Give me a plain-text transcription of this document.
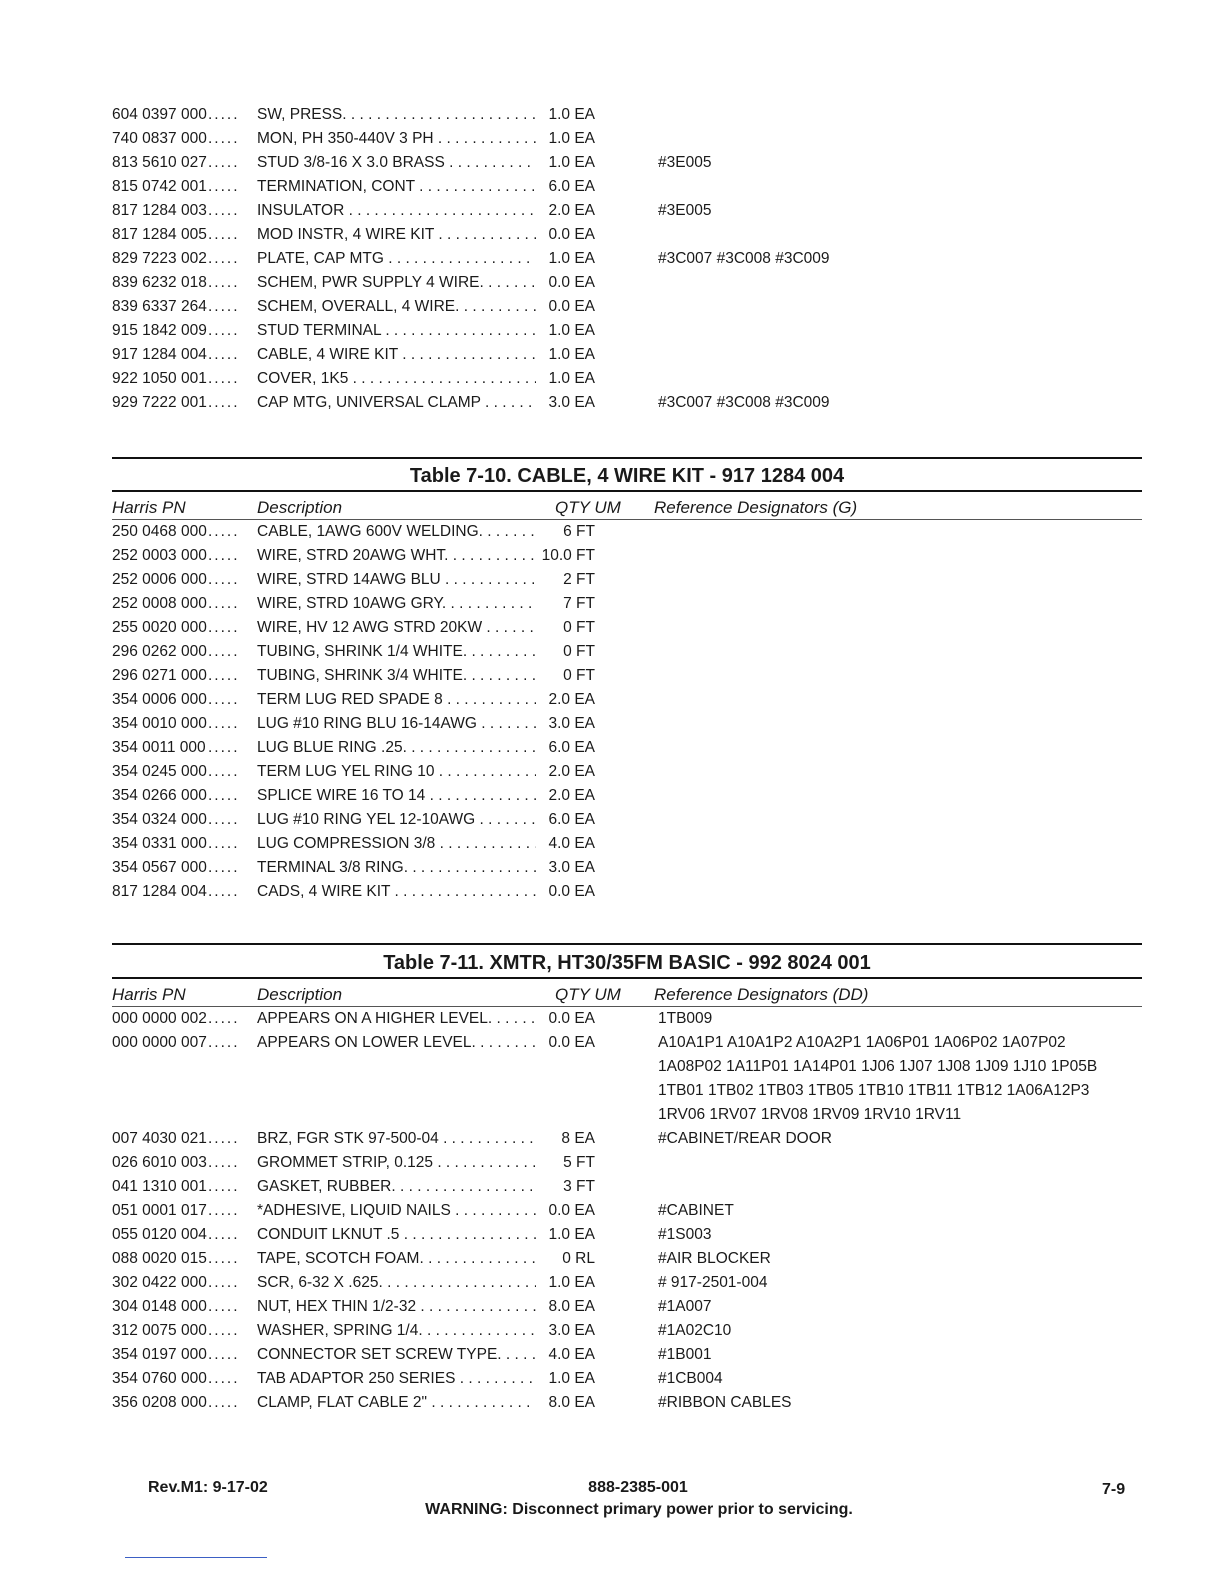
604 0397 000 .....	SW, PRESS. . . .	1.0 EA
740 0837 000 .....	MON, PH 350-440V 3 PH . . .	1.0 EA
813 5610 027 .....	STUD 3/8-16 X 3.0 BRASS . . .	1.0 EA	#3E005
815 0742 001 .....	TERMINATION, CONT . . .	6.0 EA
817 1284 003 .....	INSULATOR . . .	2.0 EA	#3E005
817 1284 005 .....	MOD INSTR, 4 WIRE KIT . . .	0.0 EA
829 7223 002 .....	PLATE, CAP MTG . . .	1.0 EA	#3C007 #3C008 #3C009
839 6232 018 .....	SCHEM, PWR SUPPLY 4 WIRE. . . .	0.0 EA
839 6337 264 .....	SCHEM, OVERALL, 4 WIRE. . . .	0.0 EA
915 1842 009 .....	STUD TERMINAL . . .	1.0 EA
917 1284 004 .....	CABLE, 4 WIRE KIT . . .	1.0 EA
922 1050 001 .....	COVER, 1K5 . . .	1.0 EA
929 7222 001 .....	CAP MTG, UNIVERSAL CLAMP . . .	3.0 EA	#3C007 #3C008 #3C009
Table 7-10. CABLE, 4 WIRE KIT - 917 1284 004
Harris PN	Description	QTY UM Reference Designators (G)
250 0468 000 .....	CABLE, 1AWG 600V WELDING. . . .	6 FT
252 0003 000 .....	WIRE, STRD 20AWG WHT. . . .	10.0 FT
252 0006 000 .....	WIRE, STRD 14AWG BLU . . .	2 FT
252 0008 000 .....	WIRE, STRD 10AWG GRY. . . .	7 FT
255 0020 000 .....	WIRE, HV 12 AWG STRD 20KW . . .	0 FT
296 0262 000 .....	TUBING, SHRINK 1/4 WHITE. . . .	0 FT
296 0271 000 .....	TUBING, SHRINK 3/4 WHITE. . . .	0 FT
354 0006 000 .....	TERM LUG RED SPADE 8 . . .	2.0 EA
354 0010 000 .....	LUG #10 RING BLU 16-14AWG . . .	3.0 EA
354 0011 000 .....	LUG BLUE RING .25. . . .	6.0 EA
354 0245 000 .....	TERM LUG YEL RING 10 . . .	2.0 EA
354 0266 000 .....	SPLICE WIRE 16 TO 14 . . .	2.0 EA
354 0324 000 .....	LUG #10 RING YEL 12-10AWG . . .	6.0 EA
354 0331 000 .....	LUG COMPRESSION 3/8 . . .	4.0 EA
354 0567 000 .....	TERMINAL 3/8 RING. . . .	3.0 EA
817 1284 004 .....	CADS, 4 WIRE KIT . . .	0.0 EA
Table 7-11. XMTR, HT30/35FM BASIC - 992 8024 001
Harris PN	Description	QTY UM Reference Designators (DD)
000 0000 002 .....	APPEARS ON A HIGHER LEVEL. . . .	0.0 EA	1TB009
000 0000 007 .....	APPEARS ON LOWER LEVEL. . . .	0.0 EA	A10A1P1 A10A1P2 A10A2P1 1A06P01 1A06P02 1A07P02 1A08P02 1A11P01 1A14P01 1J06 1J07 1J08 1J09 1J10 1P05B 1TB01 1TB02 1TB03 1TB05 1TB10 1TB11 1TB12 1A06A12P3 1RV06 1RV07 1RV08 1RV09 1RV10 1RV11
007 4030 021 .....	BRZ, FGR STK 97-500-04 . . .	8 EA	#CABINET/REAR DOOR
026 6010 003 .....	GROMMET STRIP, 0.125 . . .	5 FT
041 1310 001 .....	GASKET, RUBBER. . . .	3 FT
051 0001 017 .....	*ADHESIVE, LIQUID NAILS . . .	0.0 EA	#CABINET
055 0120 004 .....	CONDUIT LKNUT .5 . . .	1.0 EA	#1S003
088 0020 015 .....	TAPE, SCOTCH FOAM. . . .	0 RL	#AIR BLOCKER
302 0422 000 .....	SCR, 6-32 X .625. . . .	1.0 EA	# 917-2501-004
304 0148 000 .....	NUT, HEX THIN 1/2-32 . . .	8.0 EA	#1A007
312 0075 000 .....	WASHER, SPRING 1/4. . . .	3.0 EA	#1A02C10
354 0197 000 .....	CONNECTOR SET SCREW TYPE. . . .	4.0 EA	#1B001
354 0760 000 .....	TAB ADAPTOR 250 SERIES . . .	1.0 EA	#1CB004
356 0208 000 .....	CLAMP, FLAT CABLE 2" . . .	8.0 EA	#RIBBON CABLES
Rev.M1: 9-17-02	888-2385-001
WARNING: Disconnect primary power prior to servicing.
7-9
